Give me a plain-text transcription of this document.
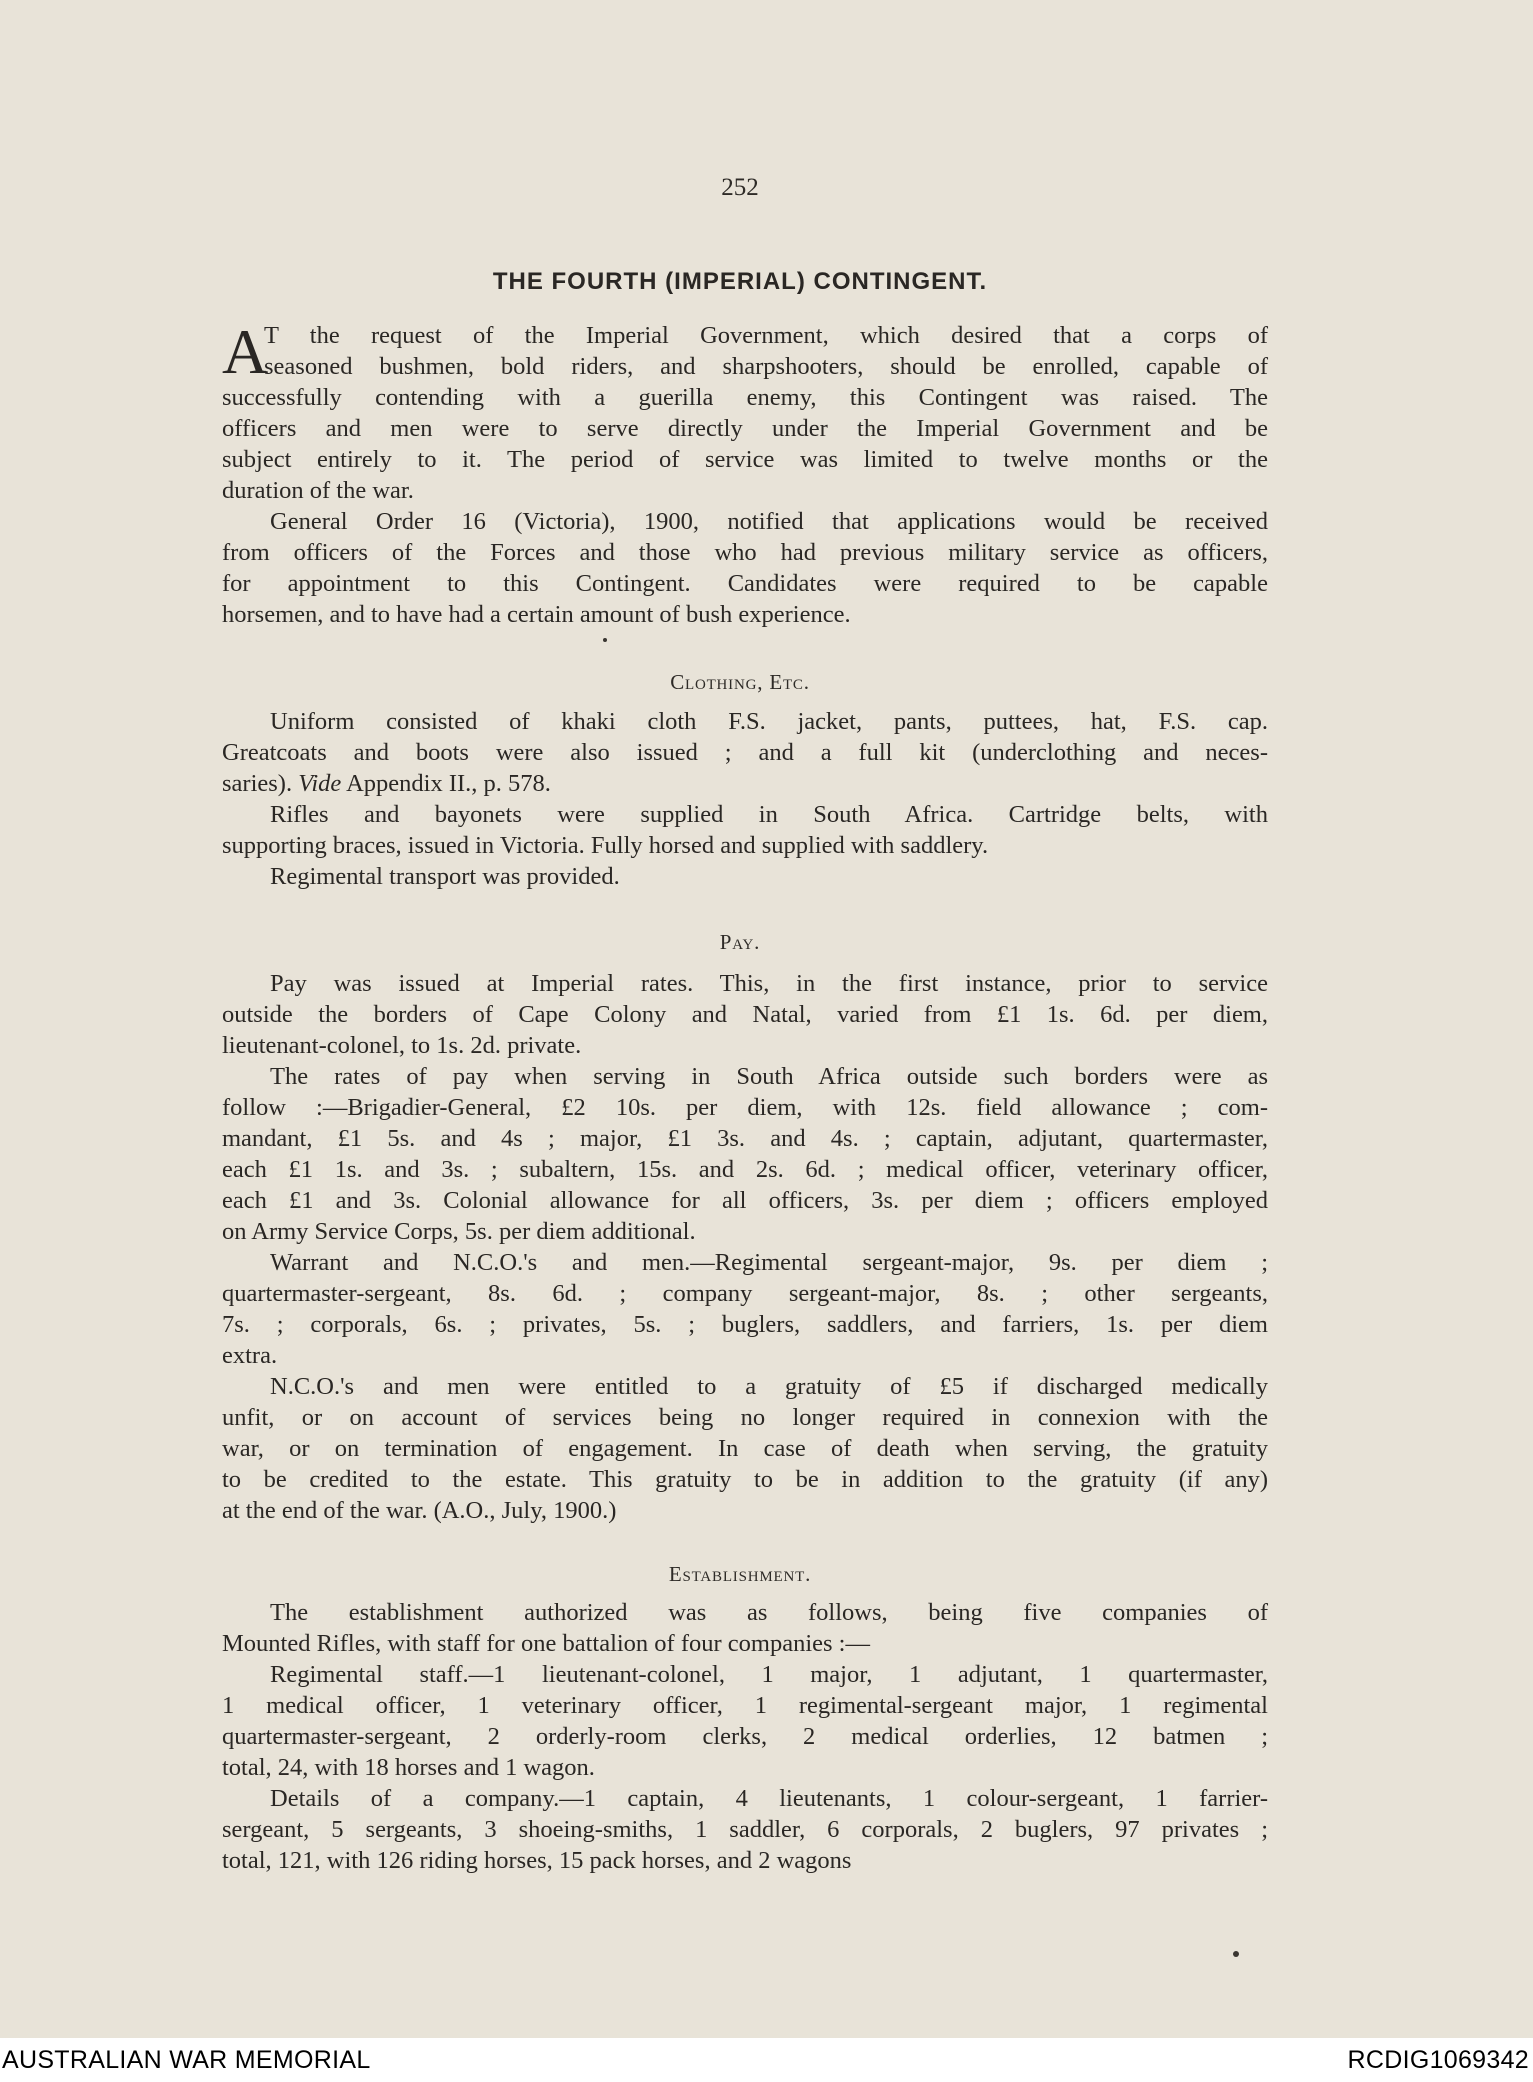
252
THE FOURTH (IMPERIAL) CONTINGENT.
A
T the request of the Imperial Government, which desired that a corps of
seasoned bushmen, bold riders, and sharpshooters, should be enrolled, capable of
successfully contending with a guerilla enemy, this Contingent was raised. The
officers and men were to serve directly under the Imperial Government and be
subject entirely to it. The period of service was limited to twelve months or the
duration of the war.
General Order 16 (Victoria), 1900, notified that applications would be received
from officers of the Forces and those who had previous military service as officers,
for appointment to this Contingent. Candidates were required to be capable
horsemen, and to have had a certain amount of bush experience.
Clothing, Etc.
Uniform consisted of khaki cloth F.S. jacket, pants, puttees, hat, F.S. cap.
Greatcoats and boots were also issued ; and a full kit (underclothing and neces-
saries). Vide Appendix II., p. 578.
Rifles and bayonets were supplied in South Africa. Cartridge belts, with
supporting braces, issued in Victoria. Fully horsed and supplied with saddlery.
Regimental transport was provided.
Pay.
Pay was issued at Imperial rates. This, in the first instance, prior to service
outside the borders of Cape Colony and Natal, varied from £1 1s. 6d. per diem,
lieutenant-colonel, to 1s. 2d. private.
The rates of pay when serving in South Africa outside such borders were as
follow :—Brigadier-General, £2 10s. per diem, with 12s. field allowance ; com-
mandant, £1 5s. and 4s ; major, £1 3s. and 4s. ; captain, adjutant, quartermaster,
each £1 1s. and 3s. ; subaltern, 15s. and 2s. 6d. ; medical officer, veterinary officer,
each £1 and 3s. Colonial allowance for all officers, 3s. per diem ; officers employed
on Army Service Corps, 5s. per diem additional.
Warrant and N.C.O.'s and men.—Regimental sergeant-major, 9s. per diem ;
quartermaster-sergeant, 8s. 6d. ; company sergeant-major, 8s. ; other sergeants,
7s. ; corporals, 6s. ; privates, 5s. ; buglers, saddlers, and farriers, 1s. per diem
extra.
N.C.O.'s and men were entitled to a gratuity of £5 if discharged medically
unfit, or on account of services being no longer required in connexion with the
war, or on termination of engagement. In case of death when serving, the gratuity
to be credited to the estate. This gratuity to be in addition to the gratuity (if any)
at the end of the war. (A.O., July, 1900.)
Establishment.
The establishment authorized was as follows, being five companies of
Mounted Rifles, with staff for one battalion of four companies :—
Regimental staff.—1 lieutenant-colonel, 1 major, 1 adjutant, 1 quartermaster,
1 medical officer, 1 veterinary officer, 1 regimental-sergeant major, 1 regimental
quartermaster-sergeant, 2 orderly-room clerks, 2 medical orderlies, 12 batmen ;
total, 24, with 18 horses and 1 wagon.
Details of a company.—1 captain, 4 lieutenants, 1 colour-sergeant, 1 farrier-
sergeant, 5 sergeants, 3 shoeing-smiths, 1 saddler, 6 corporals, 2 buglers, 97 privates ;
total, 121, with 126 riding horses, 15 pack horses, and 2 wagons
AUSTRALIAN WAR MEMORIAL	RCDIG1069342
